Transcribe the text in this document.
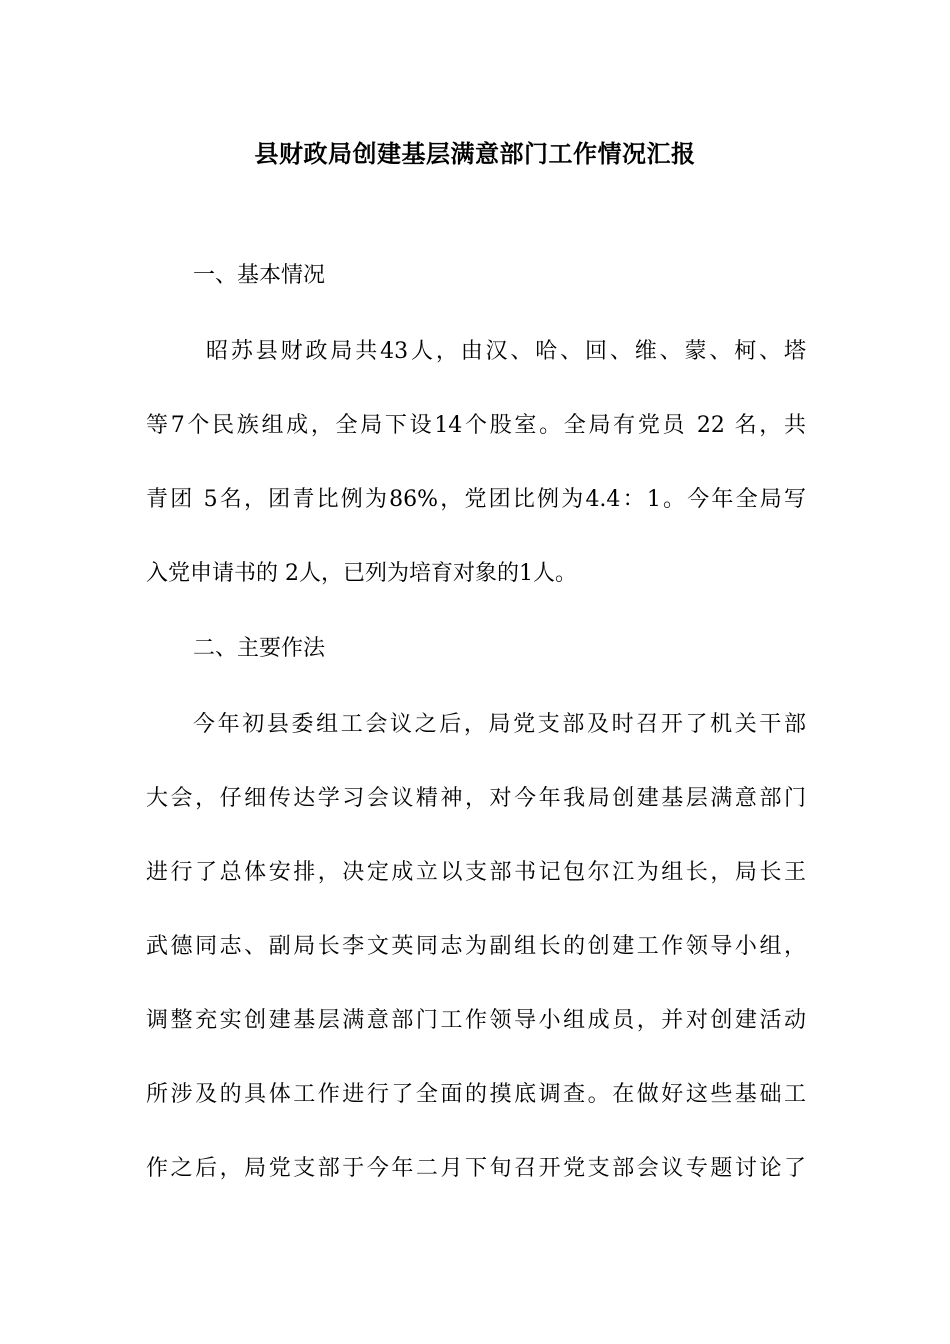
县财政局创建基层满意部门工作情况汇报
一、基本情况
昭苏县财政局共43人，由汉、哈、回、维、蒙、柯、塔
等7个民族组成，全局下设14个股室。全局有党员 22 名，共
青团 5名，团青比例为86%，党团比例为4.4：1。今年全局写
入党申请书的 2人，已列为培育对象的1人。
二、主要作法
今年初县委组工会议之后，局党支部及时召开了机关干部
大会，仔细传达学习会议精神，对今年我局创建基层满意部门
进行了总体安排，决定成立以支部书记包尔江为组长，局长王
武德同志、副局长李文英同志为副组长的创建工作领导小组，
调整充实创建基层满意部门工作领导小组成员，并对创建活动
所涉及的具体工作进行了全面的摸底调查。在做好这些基础工
作之后，局党支部于今年二月下旬召开党支部会议专题讨论了
